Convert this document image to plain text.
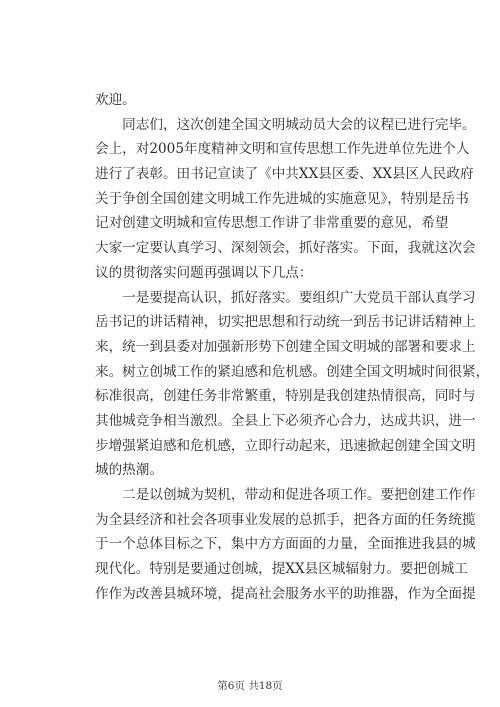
欢迎。
　　同志们，这次创建全国文明城动员大会的议程已进行完毕。
会上，对2005年度精神文明和宣传思想工作先进单位先进个人
进行了表彰。田书记宣读了《中共XX县区委、XX县区人民政府
关于争创全国创建文明城工作先进城的实施意见》，特别是岳书
记对创建文明城和宣传思想工作讲了非常重要的意见，希望
大家一定要认真学习、深刻领会，抓好落实。下面，我就这次会
议的贯彻落实问题再强调以下几点：
　　一是要提高认识，抓好落实。要组织广大党员干部认真学习
岳书记的讲话精神，切实把思想和行动统一到岳书记讲话精神上
来，统一到县委对加强新形势下创建全国文明城的部署和要求上
来。树立创城工作的紧迫感和危机感。创建全国文明城时间很紧，
标准很高，创建任务非常繁重，特别是我创建热情很高，同时与
其他城竞争相当激烈。全县上下必须齐心合力，达成共识，进一
步增强紧迫感和危机感，立即行动起来，迅速掀起创建全国文明
城的热潮。
　　二是以创城为契机，带动和促进各项工作。要把创建工作作
为全县经济和社会各项事业发展的总抓手，把各方面的任务统揽
于一个总体目标之下，集中方方面面的力量，全面推进我县的城
现代化。特别是要通过创城，提XX县区城辐射力。要把创城工
作作为改善县城环境，提高社会服务水平的助推器，作为全面提
第6页 共18页
